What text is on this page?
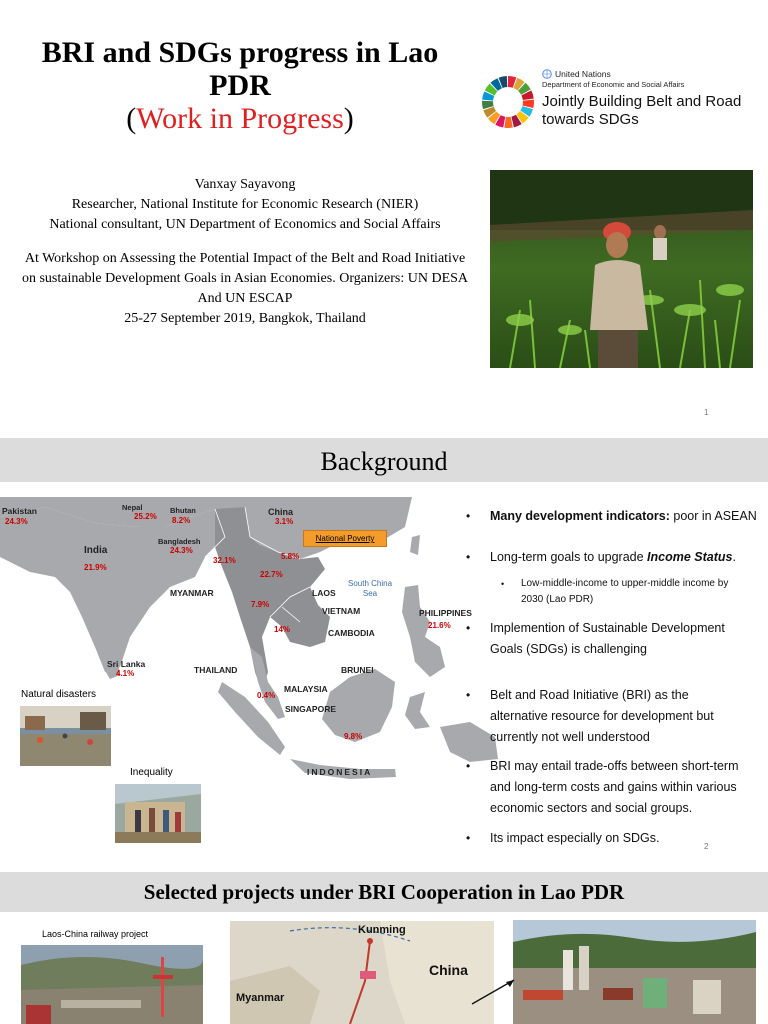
BRI and SDGs progress in Lao
PDR
(Work in Progress)
Vanxay Sayavong
Researcher, National Institute for Economic Research (NIER)
National consultant, UN Department of Economics and Social Affairs
At Workshop on Assessing the Potential Impact of the Belt and Road Initiative
on sustainable Development Goals in Asian Economies. Organizers: UN DESA
And UN ESCAP
25-27 September 2019, Bangkok, Thailand
United Nations
Department of Economic and Social Affairs
Jointly Building Belt and Road
towards SDGs
1
Background
Pakistan
24.3%
Nepal
25.2%
Bhutan
8.2%
China
3.1%
Bangladesh
24.3%
India
21.9%
32.1%
MYANMAR
5.8%
22.7%
LAOS
7.9%
VIETNAM
14%	CAMBODIA
South China
Sea
PHILIPPINES
21.6%
Sri Lanka
4.1%	THAILAND	BRUNEI
0.4%
MALAYSIA
SINGAPORE
9.8%
INDONESIA
National Poverty
Natural disasters
Inequality
• Many development indicators: poor in ASEAN
• Long-term goals to upgrade Income Status.
• Low-middle-income to upper-middle income by
2030 (Lao PDR)
• Implemention of Sustainable Development
Goals (SDGs) is challenging
• Belt and Road Initiative (BRI) as the
alternative resource for development but
currently not well understood
• BRI may entail trade-offs between short-term
and long-term costs and gains within various
economic sectors and social groups.
• Its impact especially on SDGs.
2
Selected projects under BRI Cooperation in Lao PDR
Laos-China railway project	Kunming
China
Myanmar
